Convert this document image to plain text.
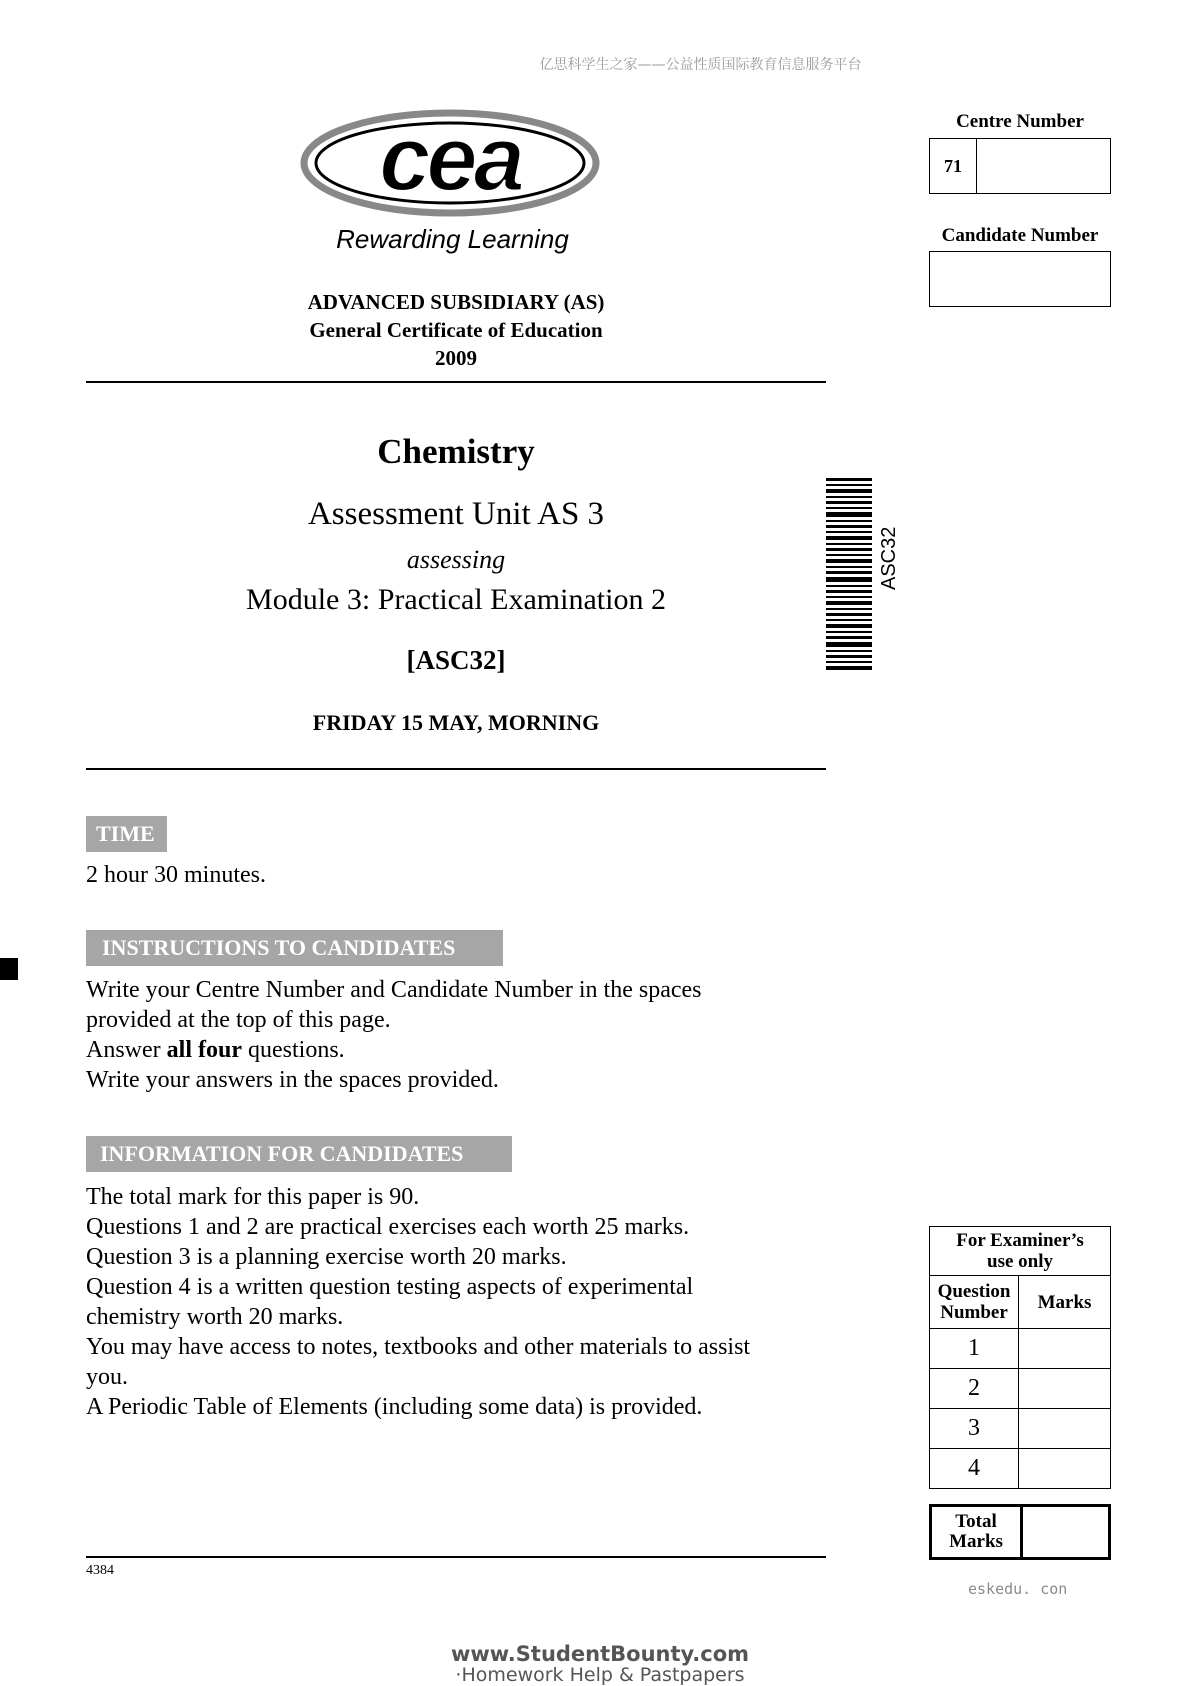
亿思科学生之家——公益性质国际教育信息服务平台
cea
Rewarding Learning
ADVANCED SUBSIDIARY (AS)
General Certificate of Education
2009
Chemistry
Assessment Unit AS 3
assessing
Module 3: Practical Examination 2
[ASC32]
FRIDAY 15 MAY, MORNING
ASC32
Centre Number
71
Candidate Number
TIME
2 hour 30 minutes.
INSTRUCTIONS TO CANDIDATES

Write your Centre Number and Candidate Number in the spaces

provided at the top of this page.

Answer all four questions.

Write your answers in the spaces provided.

INFORMATION FOR CANDIDATES

The total mark for this paper is 90.

Questions 1 and 2 are practical exercises each worth 25 marks.

Question 3 is a planning exercise worth 20 marks.

Question 4 is a written question testing aspects of experimental

chemistry worth 20 marks.

You may have access to notes, textbooks and other materials to assist

you.

A Periodic Table of Elements (including some data) is provided.

For Examiner’s
use only	

Question
Number	Marks
1	
2	
3	
4	
Total
Marks
eskedu. con
4384
www.StudentBounty.com
·Homework Help & Pastpapers
